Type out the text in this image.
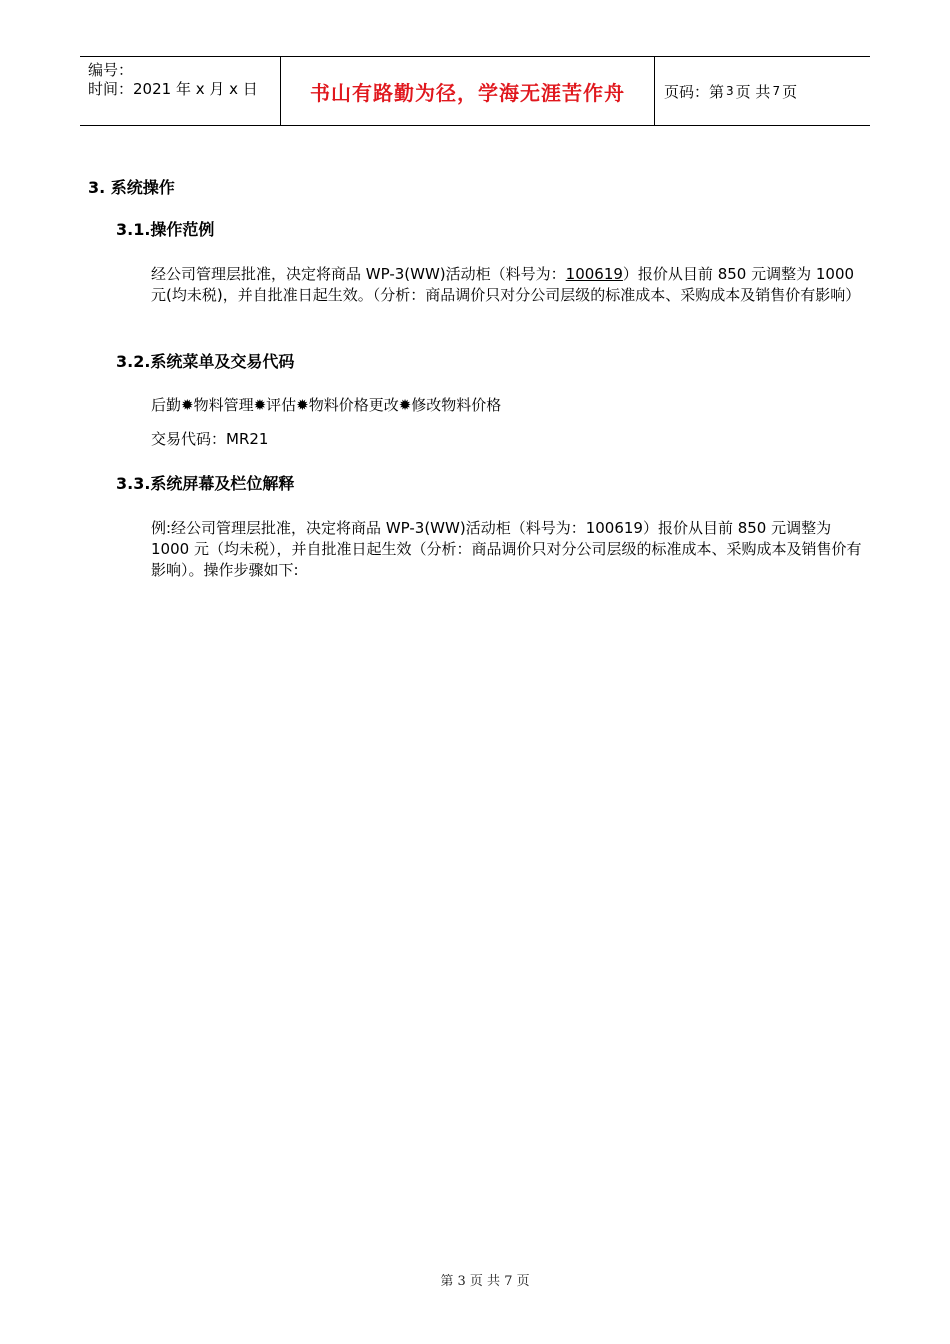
编号：
时间：2021 年 x 月 x 日	书山有路勤为径，学海无涯苦作舟	页码：第 3 页 共 7 页
3. 系统操作
3.1.操作范例
经公司管理层批准，决定将商品 WP-3(WW)活动柜（料号为：100619）报价从目前 850 元调整为 1000 元(均未税)，并自批准日起生效。（分析：商品调价只对分公司层级的标准成本、采购成本及销售价有影响）
3.2.系统菜单及交易代码
后勤✹物料管理✹评估✹物料价格更改✹修改物料价格
交易代码：MR21
3.3.系统屏幕及栏位解释
例:经公司管理层批准，决定将商品 WP-3(WW)活动柜（料号为：100619）报价从目前 850 元调整为 1000 元（均未税），并自批准日起生效（分析：商品调价只对分公司层级的标准成本、采购成本及销售价有影响）。操作步骤如下:
第 3 页 共 7 页
